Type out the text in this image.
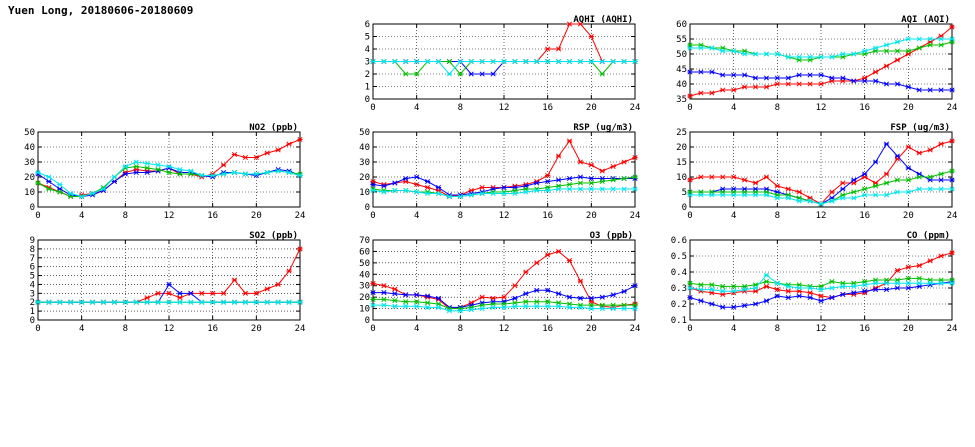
Yuen Long, 20180606-20180609
0	4	8	12	16	20	24
0
1
2
3
4
5
6	AQHI (AQHI)
0	4	8	12	16	20	24
35
40
45
50
55
60	AQI (AQI)
0	4	8	12	16	20	24
0
10
20
30
40
50	NO2 (ppb)
0	4	8	12	16	20	24
0
10
20
30
40
50	RSP (ug/m3)
0	4	8	12	16	20	24
0
5
10
15
20
25	FSP (ug/m3)
0	4	8	12	16	20	24
0
1
2
3
4
5
6
7
8
9	SO2 (ppb)
0	4	8	12	16	20	24
0
10
20
30
40
50
60
70	O3 (ppb)
0	4	8	12	16	20	24
0.1
0.2
0.3
0.4
0.5
0.6	CO (ppm)
